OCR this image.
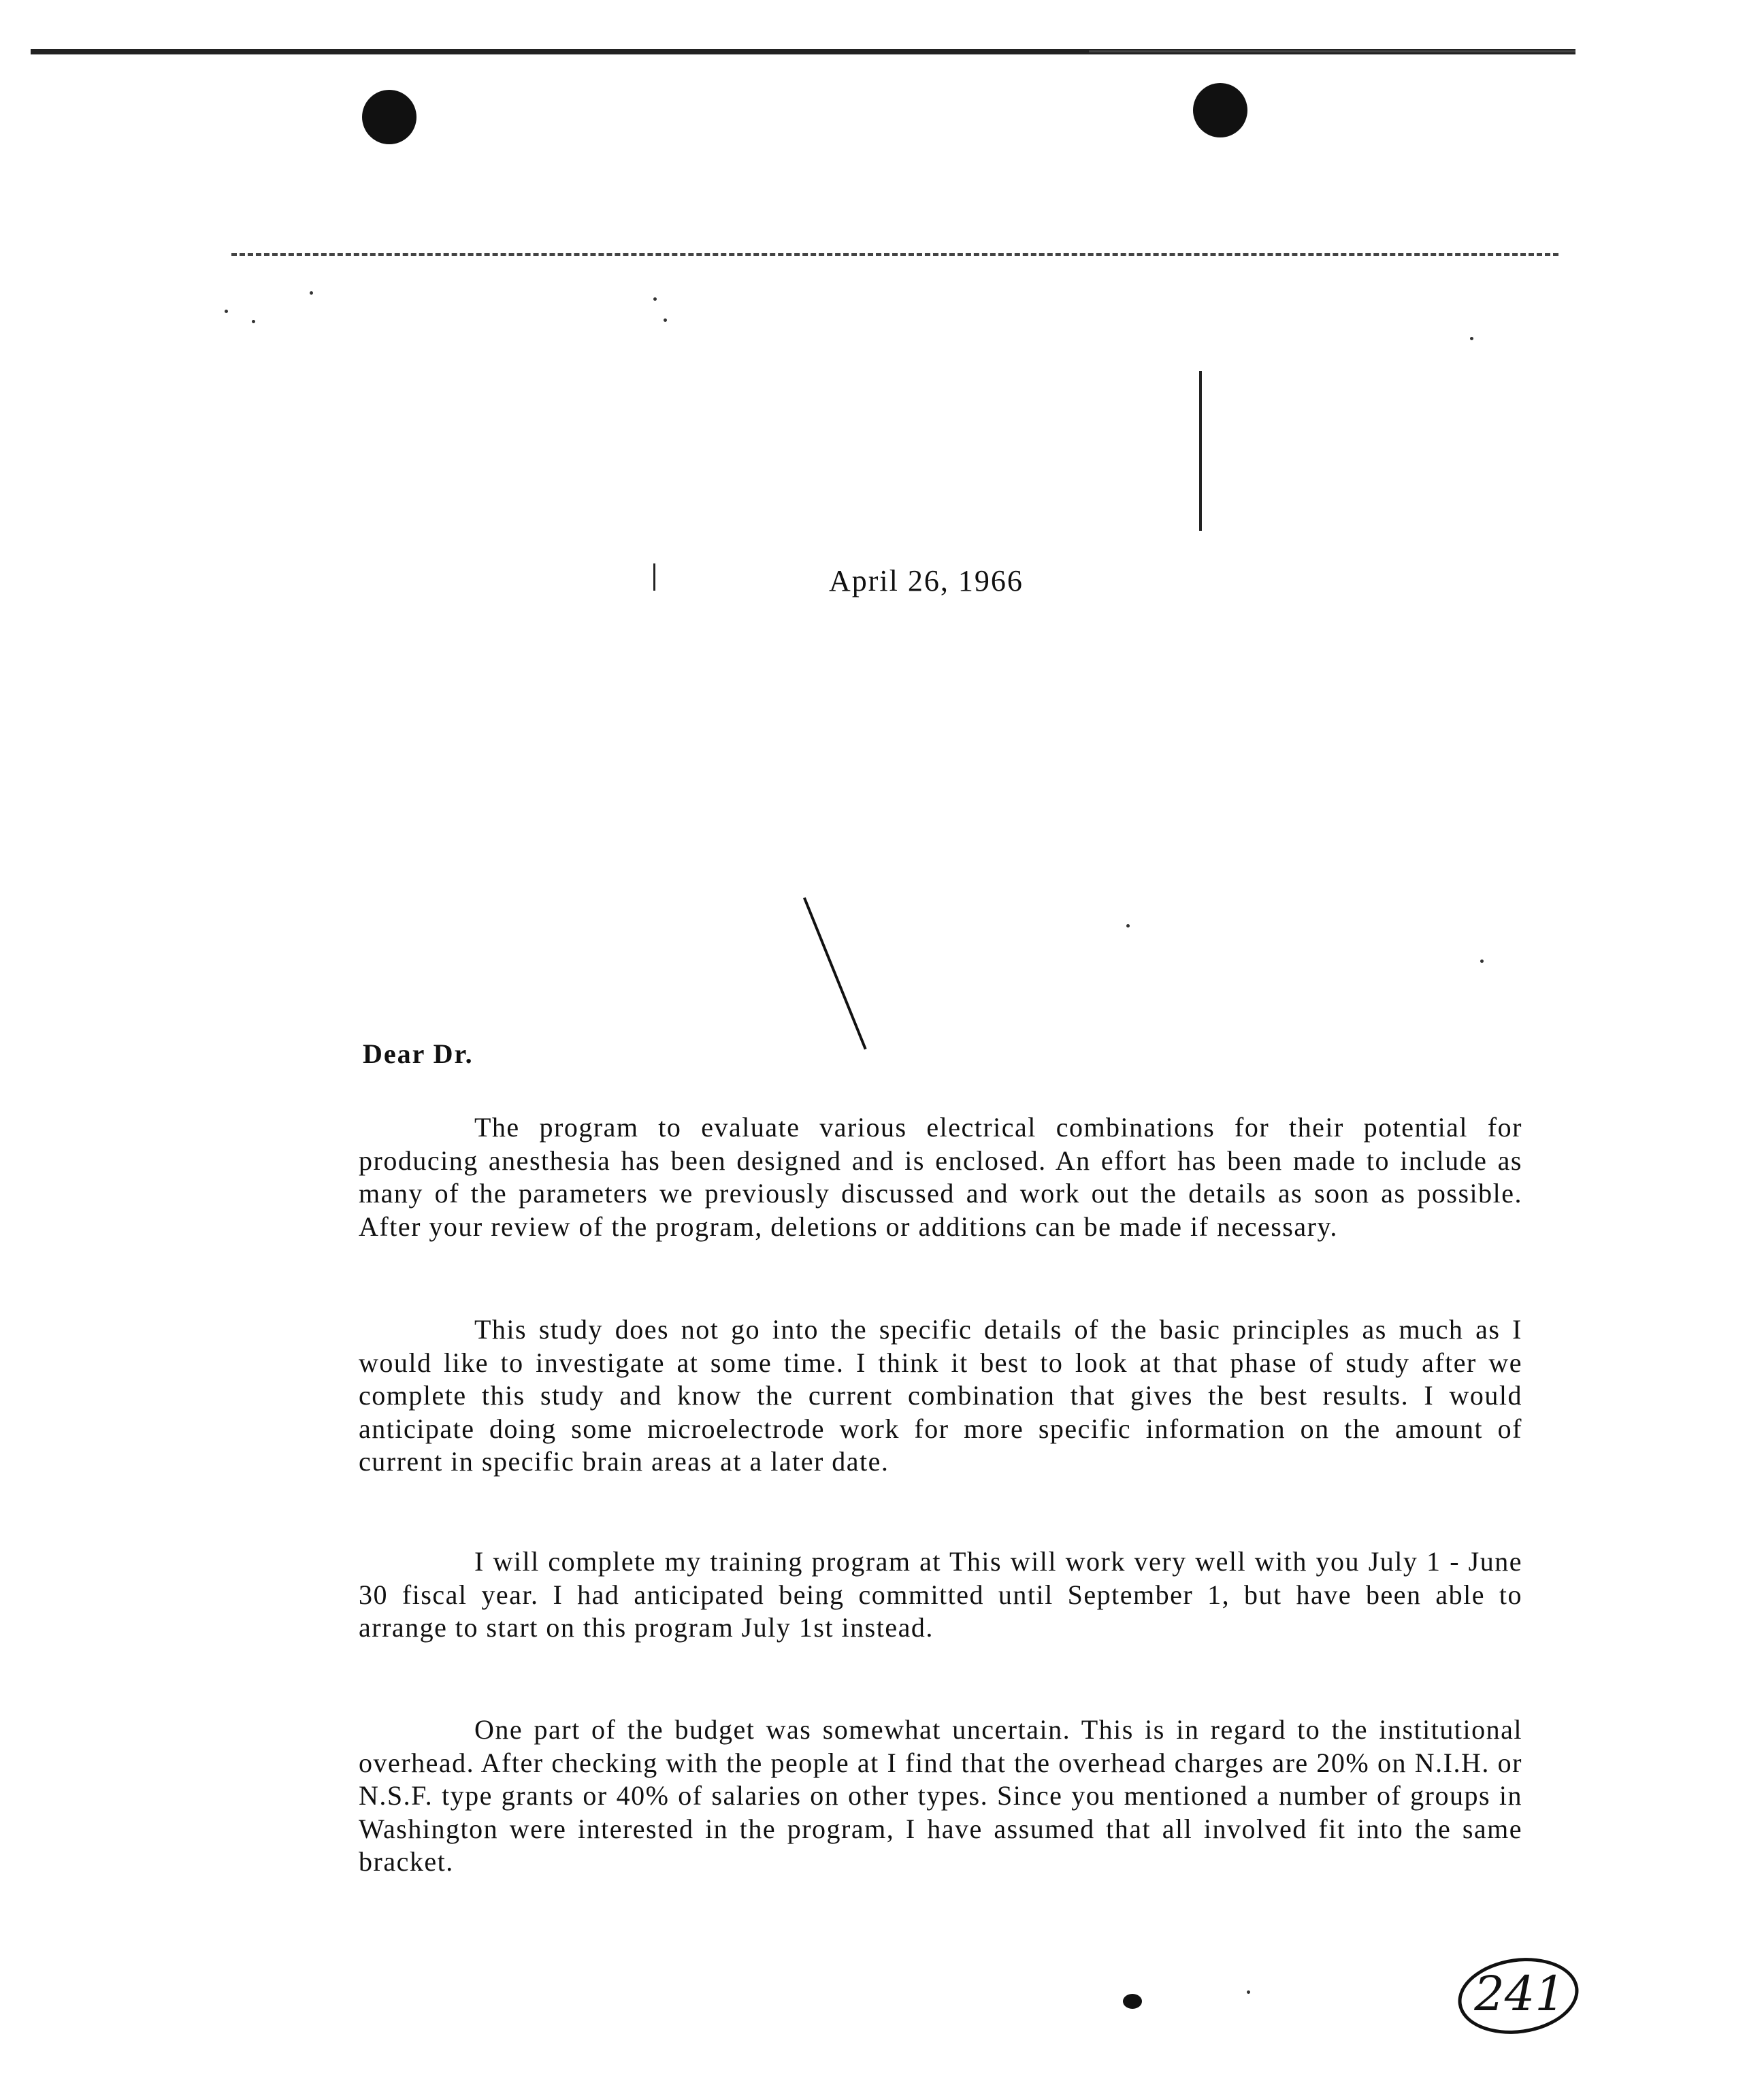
April 26, 1966
Dear Dr.

The program to evaluate various electrical combinations for their potential for producing anesthesia has been designed and is enclosed. An effort has been made to include as many of the parameters we previously discussed and work out the details as soon as possible. After your review of the program, deletions or additions can be made if necessary.

This study does not go into the specific details of the basic principles as much as I would like to investigate at some time. I think it best to look at that phase of study after we complete this study and know the current combination that gives the best results. I would anticipate doing some microelectrode work for more specific information on the amount of current in specific brain areas at a later date.

I will complete my training program at This will work very well with you July 1 - June 30 fiscal year. I had anticipated being committed until September 1, but have been able to arrange to start on this program July 1st instead.

One part of the budget was somewhat uncertain. This is in regard to the institutional overhead. After checking with the people at I find that the overhead charges are 20% on N.I.H. or N.S.F. type grants or 40% of salaries on other types. Since you mentioned a number of groups in Washington were interested in the program, I have assumed that all involved fit into the same bracket.

241
